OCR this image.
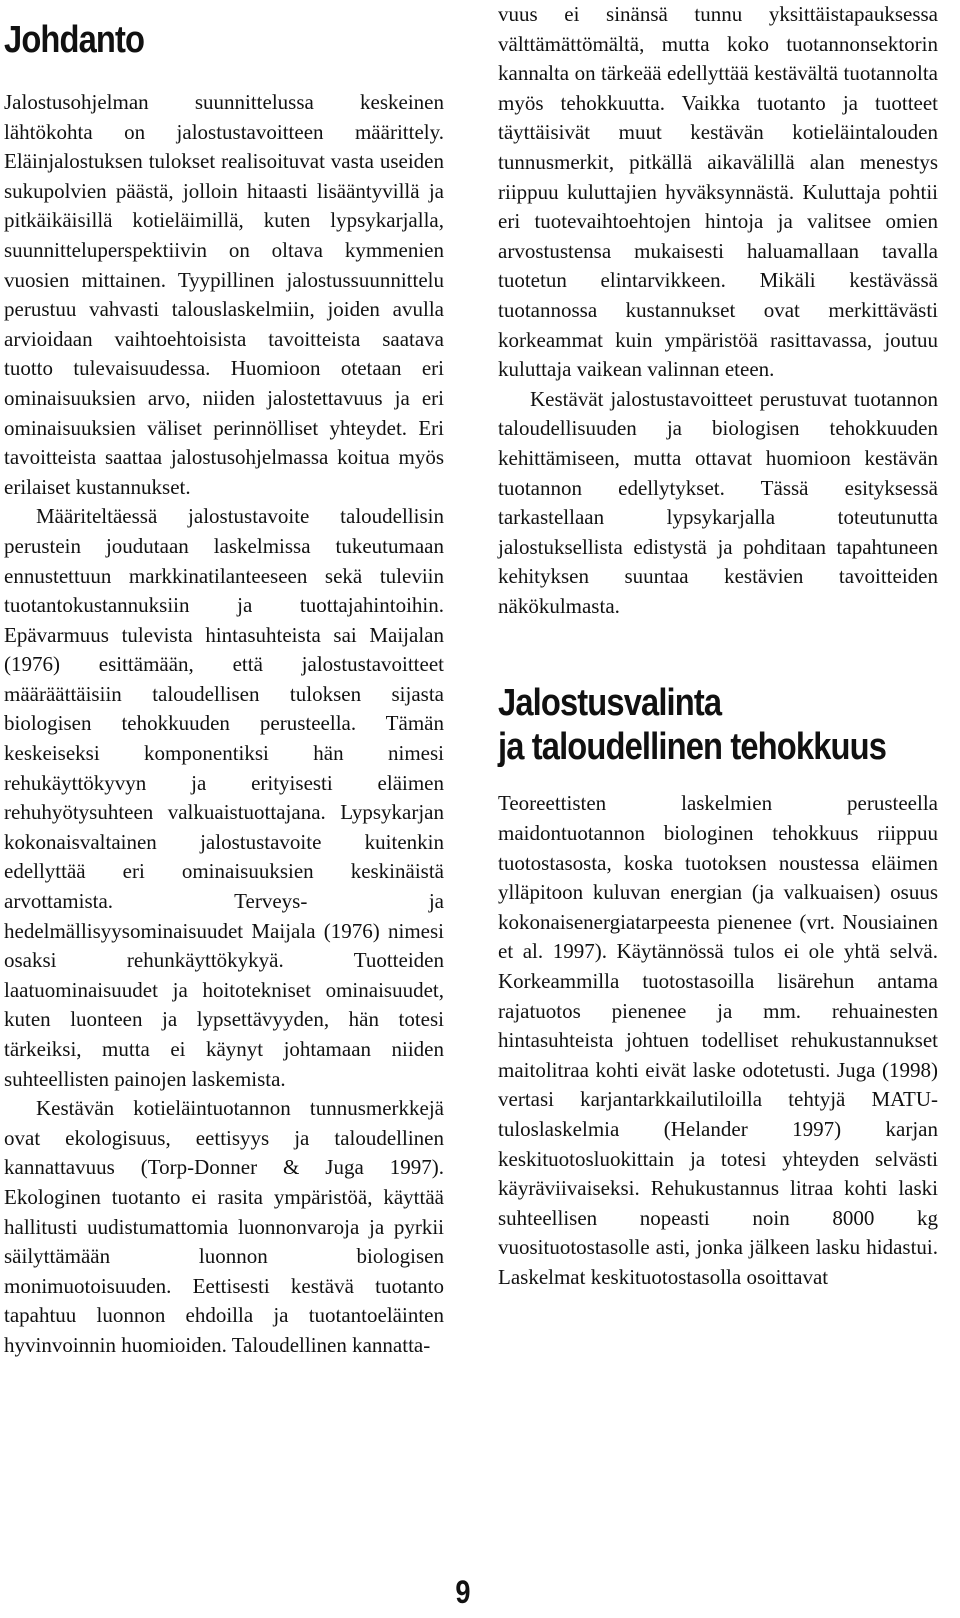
Johdanto

Jalostusohjelman suunnittelussa keskeinen lähtökohta on jalostustavoitteen määrittely. Eläinjalostuksen tulokset realisoituvat vasta useiden sukupolvien päästä, jolloin hitaasti lisääntyvillä ja pitkäikäisillä kotieläimillä, kuten lypsykarjalla, suunnitteluperspektiivin on oltava kymmenien vuosien mittainen. Tyypillinen jalostussuunnittelu perustuu vahvasti talouslaskelmiin, joiden avulla arvioidaan vaihtoehtoisista tavoitteista saatava tuotto tulevaisuudessa. Huomioon otetaan eri ominaisuuksien arvo, niiden jalostettavuus ja eri ominaisuuksien väliset perinnölliset yhteydet. Eri tavoitteista saattaa jalostusohjelmassa koitua myös erilaiset kustannukset.

Määriteltäessä jalostustavoite taloudellisin perustein joudutaan laskelmissa tukeutumaan ennustettuun markkinatilanteeseen sekä tuleviin tuotantokustannuksiin ja tuottajahintoihin. Epävarmuus tulevista hintasuhteista sai Maijalan (1976) esittämään, että jalostustavoitteet määräättäisiin taloudellisen tuloksen sijasta biologisen tehokkuuden perusteella. Tämän keskeiseksi komponentiksi hän nimesi rehukäyttökyvyn ja erityisesti eläimen rehuhyötysuhteen valkuaistuottajana. Lypsykarjan kokonaisvaltainen jalostustavoite kuitenkin edellyttää eri ominaisuuksien keskinäistä arvottamista. Terveys- ja hedelmällisyysominaisuudet Maijala (1976) nimesi osaksi rehunkäyttökykyä. Tuotteiden laatuominaisuudet ja hoitotekniset ominaisuudet, kuten luonteen ja lypsettävyyden, hän totesi tärkeiksi, mutta ei käynyt johtamaan niiden suhteellisten painojen laskemista.

Kestävän kotieläintuotannon tunnusmerkkejä ovat ekologisuus, eettisyys ja taloudellinen kannattavuus (Torp-Donner & Juga 1997). Ekologinen tuotanto ei rasita ympäristöä, käyttää hallitusti uudistumattomia luonnonvaroja ja pyrkii säilyttämään luonnon biologisen monimuotoisuuden. Eettisesti kestävä tuotanto tapahtuu luonnon ehdoilla ja tuotantoeläinten hyvinvoinnin huomioiden. Taloudellinen kannatta-

vuus ei sinänsä tunnu yksittäistapauksessa välttämättömältä, mutta koko tuotannonsektorin kannalta on tärkeää edellyttää kestävältä tuotannolta myös tehokkuutta. Vaikka tuotanto ja tuotteet täyttäisivät muut kestävän kotieläintalouden tunnusmerkit, pitkällä aikavälillä alan menestys riippuu kuluttajien hyväksynnästä. Kuluttaja pohtii eri tuotevaihtoehtojen hintoja ja valitsee omien arvostustensa mukaisesti haluamallaan tavalla tuotetun elintarvikkeen. Mikäli kestävässä tuotannossa kustannukset ovat merkittävästi korkeammat kuin ympäristöä rasittavassa, joutuu kuluttaja vaikean valinnan eteen.

Kestävät jalostustavoitteet perustuvat tuotannon taloudellisuuden ja biologisen tehokkuuden kehittämiseen, mutta ottavat huomioon kestävän tuotannon edellytykset. Tässä esityksessä tarkastellaan lypsykarjalla toteutunutta jalostuksellista edistystä ja pohditaan tapahtuneen kehityksen suuntaa kestävien tavoitteiden näkökulmasta.

Jalostusvalinta
ja taloudellinen tehokkuus

Teoreettisten laskelmien perusteella maidontuotannon biologinen tehokkuus riippuu tuotostasosta, koska tuotoksen noustessa eläimen ylläpitoon kuluvan energian (ja valkuaisen) osuus kokonaisenergiatarpeesta pienenee (vrt. Nousiainen et al. 1997). Käytännössä tulos ei ole yhtä selvä. Korkeammilla tuotostasoilla lisärehun antama rajatuotos pienenee ja mm. rehuainesten hintasuhteista johtuen todelliset rehukustannukset maitolitraa kohti eivät laske odotetusti. Juga (1998) vertasi karjantarkkailutiloilla tehtyjä MATU-tuloslaskelmia (Helander 1997) karjan keskituotosluokittain ja totesi yhteyden selvästi käyräviivaiseksi. Rehukustannus litraa kohti laski suhteellisen nopeasti noin 8000 kg vuosituotostasolle asti, jonka jälkeen lasku hidastui. Laskelmat keskituotostasolla osoittavat

9
